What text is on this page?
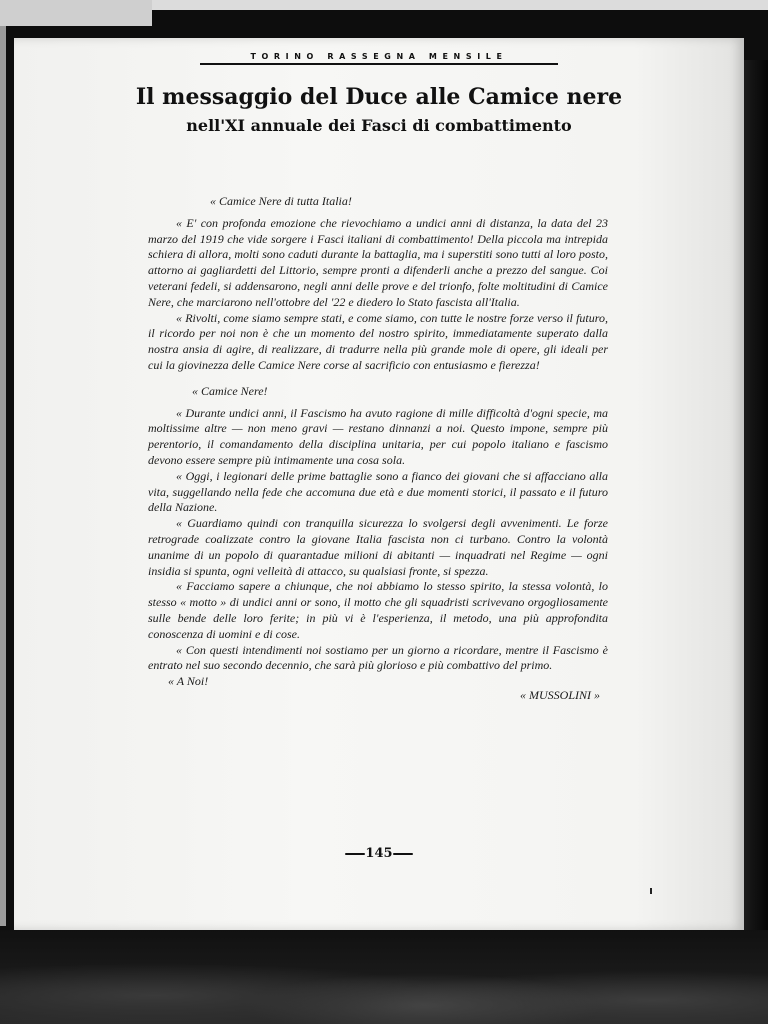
TORINO RASSEGNA MENSILE
Il messaggio del Duce alle Camice nere
nell'XI annuale dei Fasci di combattimento

« Camice Nere di tutta Italia!

« E' con profonda emozione che rievochiamo a undici anni di distanza, la data del 23 marzo del 1919 che vide sorgere i Fasci italiani di combattimento! Della piccola ma intrepida schiera di allora, molti sono caduti durante la battaglia, ma i superstiti sono tutti al loro posto, attorno ai gagliardetti del Littorio, sempre pronti a difenderli anche a prezzo del sangue. Coi veterani fedeli, si addensarono, negli anni delle prove e del trionfo, folte moltitudini di Camice Nere, che marciarono nell'ottobre del '22 e diedero lo Stato fascista all'Italia.

« Rivolti, come siamo sempre stati, e come siamo, con tutte le nostre forze verso il futuro, il ricordo per noi non è che un momento del nostro spirito, immediatamente superato dalla nostra ansia di agire, di realizzare, di tradurre nella più grande mole di opere, gli ideali per cui la giovinezza delle Camice Nere corse al sacrificio con entusiasmo e fierezza!

« Camice Nere!

« Durante undici anni, il Fascismo ha avuto ragione di mille difficoltà d'ogni specie, ma moltissime altre — non meno gravi — restano dinnanzi a noi. Questo impone, sempre più perentorio, il comandamento della disciplina unitaria, per cui popolo italiano e fascismo devono essere sempre più intimamente una cosa sola.

« Oggi, i legionari delle prime battaglie sono a fianco dei giovani che si affacciano alla vita, suggellando nella fede che accomuna due età e due momenti storici, il passato e il futuro della Nazione.

« Guardiamo quindi con tranquilla sicurezza lo svolgersi degli avvenimenti. Le forze retrograde coalizzate contro la giovane Italia fascista non ci turbano. Contro la volontà unanime di un popolo di quarantadue milioni di abitanti — inquadrati nel Regime — ogni insidia si spunta, ogni velleità di attacco, su qualsiasi fronte, si spezza.

« Facciamo sapere a chiunque, che noi abbiamo lo stesso spirito, la stessa volontà, lo stesso « motto » di undici anni or sono, il motto che gli squadristi scrivevano orgogliosamente sulle bende delle loro ferite; in più vi è l'esperienza, il metodo, una più approfondita conoscenza di uomini e di cose.

« Con questi intendimenti noi sostiamo per un giorno a ricordare, mentre il Fascismo è entrato nel suo secondo decennio, che sarà più glorioso e più combattivo del primo.

« A Noi!

« MUSSOLINI »
145
